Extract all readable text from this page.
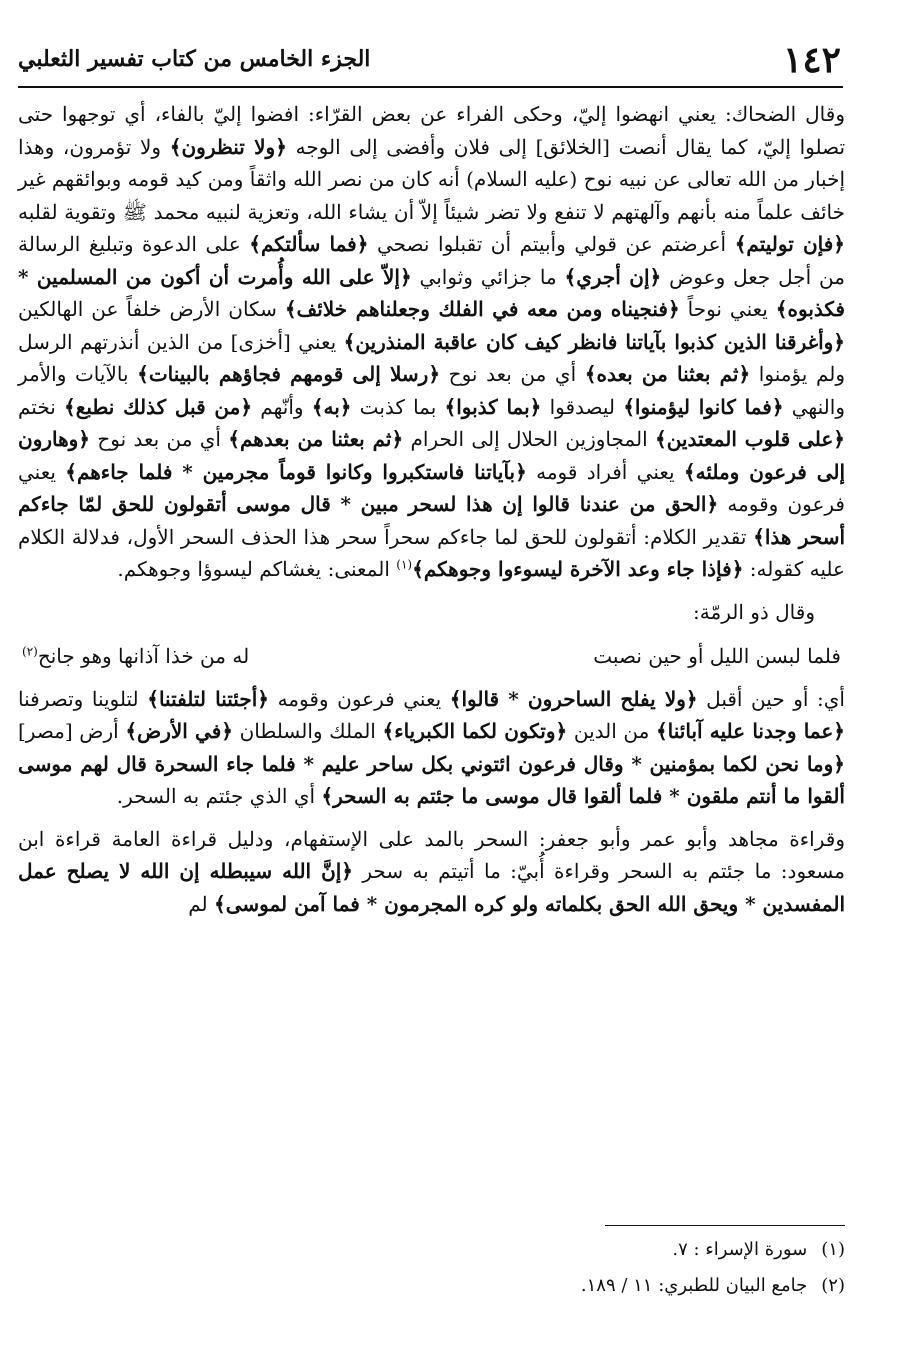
١٤٢
الجزء الخامس من كتاب تفسير الثعلبي

وقال الضحاك: يعني انهضوا إليّ، وحكى الفراء عن بعض القرّاء: افضوا إليّ بالفاء، أي توجهوا حتى تصلوا إليّ، كما يقال أنصت [الخلائق] إلى فلان وأفضى إلى الوجه ﴿ولا تنظرون﴾ ولا تؤمرون، وهذا إخبار من الله تعالى عن نبيه نوح (عليه السلام) أنه كان من نصر الله واثقاً ومن كيد قومه وبوائقهم غير خائف علماً منه بأنهم وآلهتهم لا تنفع ولا تضر شيئاً إلاّ أن يشاء الله، وتعزية لنبيه محمد ﷺ وتقوية لقلبه ﴿فإن توليتم﴾ أعرضتم عن قولي وأبيتم أن تقبلوا نصحي ﴿فما سألتكم﴾ على الدعوة وتبليغ الرسالة من أجل جعل وعوض ﴿إن أجري﴾ ما جزائي وثوابي ﴿إلاّ على الله وأُمرت أن أكون من المسلمين * فكذبوه﴾ يعني نوحاً ﴿فنجيناه ومن معه في الفلك وجعلناهم خلائف﴾ سكان الأرض خلفاً عن الهالكين ﴿وأغرقنا الذين كذبوا بآياتنا فانظر كيف كان عاقبة المنذرين﴾ يعني [أخزى] من الذين أنذرتهم الرسل ولم يؤمنوا ﴿ثم بعثنا من بعده﴾ أي من بعد نوح ﴿رسلا إلى قومهم فجاؤهم بالبينات﴾ بالآيات والأمر والنهي ﴿فما كانوا ليؤمنوا﴾ ليصدقوا ﴿بما كذبوا﴾ بما كذبت ﴿به﴾ وأنّهم ﴿من قبل كذلك نطبع﴾ نختم ﴿على قلوب المعتدين﴾ المجاوزين الحلال إلى الحرام ﴿ثم بعثنا من بعدهم﴾ أي من بعد نوح ﴿وهارون إلى فرعون وملئه﴾ يعني أفراد قومه ﴿بآياتنا فاستكبروا وكانوا قوماً مجرمين * فلما جاءهم﴾ يعني فرعون وقومه ﴿الحق من عندنا قالوا إن هذا لسحر مبين * قال موسى أتقولون للحق لمّا جاءكم أسحر هذا﴾ تقدير الكلام: أتقولون للحق لما جاءكم سحراً سحر هذا الحذف السحر الأول، فدلالة الكلام عليه كقوله: ﴿فإذا جاء وعد الآخرة ليسوءوا وجوهكم﴾$^{(١)}$ المعنى: يغشاكم ليسوؤا وجوهكم.

وقال ذو الرمّة:

فلما لبسن الليل أو حين نصبت
له من خذا آذانها وهو جانح$^{(٢)}$

أي: أو حين أقبل ﴿ولا يفلح الساحرون * قالوا﴾ يعني فرعون وقومه ﴿أجئتنا لتلفتنا﴾ لتلوينا وتصرفنا ﴿عما وجدنا عليه آبائنا﴾ من الدين ﴿وتكون لكما الكبرياء﴾ الملك والسلطان ﴿في الأرض﴾ أرض [مصر] ﴿وما نحن لكما بمؤمنين * وقال فرعون ائتوني بكل ساحر عليم * فلما جاء السحرة قال لهم موسى ألقوا ما أنتم ملقون * فلما ألقوا قال موسى ما جئتم به السحر﴾ أي الذي جئتم به السحر.

وقراءة مجاهد وأبو عمر وأبو جعفر: السحر بالمد على الإستفهام، ودليل قراءة العامة قراءة ابن مسعود: ما جئتم به السحر وقراءة أُبيّ: ما أتيتم به سحر ﴿إنَّ الله سيبطله إن الله لا يصلح عمل المفسدين * ويحق الله الحق بكلماته ولو كره المجرمون * فما آمن لموسى﴾ لم

(١)
سورة الإسراء : ٧.
(٢)
جامع البيان للطبري: ١١ / ١٨٩.
